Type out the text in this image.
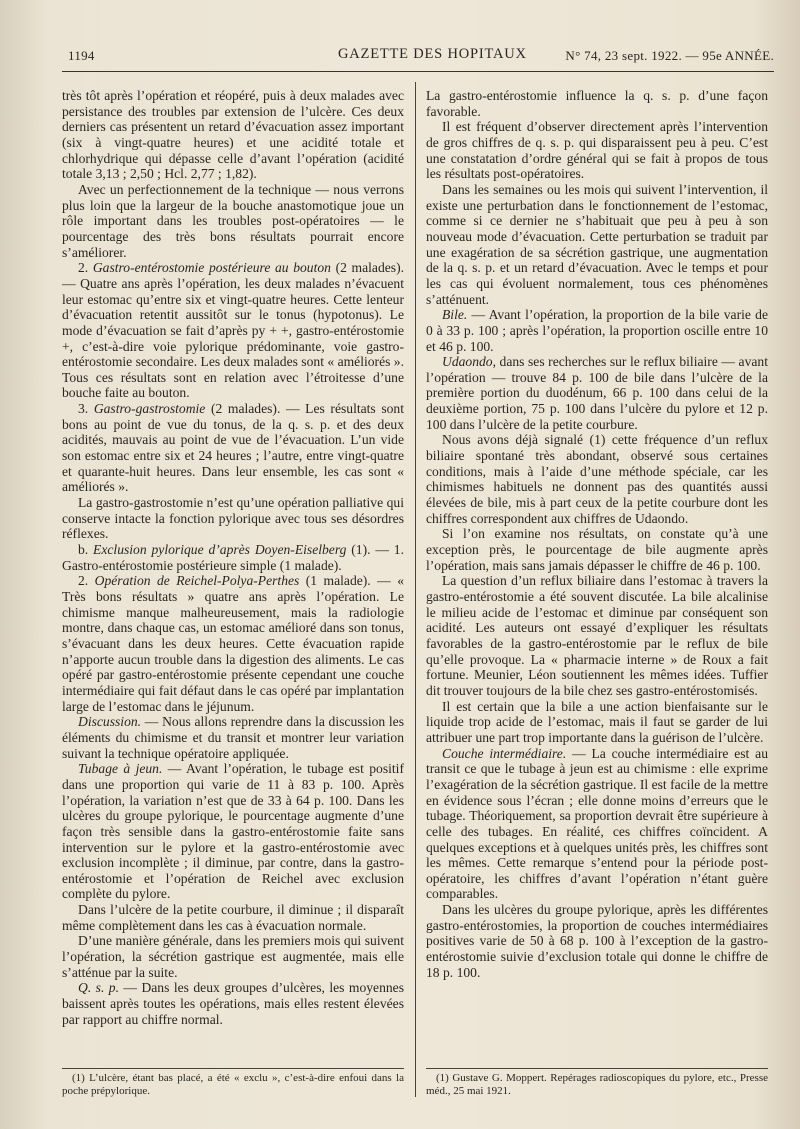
1194	GAZETTE DES HOPITAUX	N° 74, 23 sept. 1922. — 95e ANNÉE.

très tôt après l’opération et réopéré, puis à deux malades avec persistance des troubles par extension de l’ulcère. Ces deux derniers cas présentent un retard d’évacuation assez important (six à vingt-quatre heures) et une acidité totale et chlorhydrique qui dépasse celle d’avant l’opération (acidité totale 3,13 ; 2,50 ; Hcl. 2,77 ; 1,82).

Avec un perfectionnement de la technique — nous verrons plus loin que la largeur de la bouche anastomotique joue un rôle important dans les troubles post-opératoires — le pourcentage des très bons résultats pourrait encore s’améliorer.

2. Gastro-entérostomie postérieure au bouton (2 malades). — Quatre ans après l’opération, les deux malades n’évacuent leur estomac qu’entre six et vingt-quatre heures. Cette lenteur d’évacuation retentit aussitôt sur le tonus (hypotonus). Le mode d’évacuation se fait d’après py + +, gastro-entérostomie +, c’est-à-dire voie pylorique prédominante, voie gastro-entérostomie secondaire. Les deux malades sont « améliorés ». Tous ces résultats sont en relation avec l’étroitesse d’une bouche faite au bouton.

3. Gastro-gastrostomie (2 malades). — Les résultats sont bons au point de vue du tonus, de la q. s. p. et des deux acidités, mauvais au point de vue de l’évacuation. L’un vide son estomac entre six et 24 heures ; l’autre, entre vingt-quatre et quarante-huit heures. Dans leur ensemble, les cas sont « améliorés ».

La gastro-gastrostomie n’est qu’une opération palliative qui conserve intacte la fonction pylorique avec tous ses désordres réflexes.

b. Exclusion pylorique d’après Doyen-Eiselberg (1). — 1. Gastro-entérostomie postérieure simple (1 malade).

2. Opération de Reichel-Polya-Perthes (1 malade). — « Très bons résultats » quatre ans après l’opération. Le chimisme manque malheureusement, mais la radiologie montre, dans chaque cas, un estomac amélioré dans son tonus, s’évacuant dans les deux heures. Cette évacuation rapide n’apporte aucun trouble dans la digestion des aliments. Le cas opéré par gastro-entérostomie présente cependant une couche intermédiaire qui fait défaut dans le cas opéré par implantation large de l’estomac dans le jéjunum.

Discussion. — Nous allons reprendre dans la discussion les éléments du chimisme et du transit et montrer leur variation suivant la technique opératoire appliquée.

Tubage à jeun. — Avant l’opération, le tubage est positif dans une proportion qui varie de 11 à 83 p. 100. Après l’opération, la variation n’est que de 33 à 64 p. 100. Dans les ulcères du groupe pylorique, le pourcentage augmente d’une façon très sensible dans la gastro-entérostomie faite sans intervention sur le pylore et la gastro-entérostomie avec exclusion incomplète ; il diminue, par contre, dans la gastro-entérostomie et l’opération de Reichel avec exclusion complète du pylore.

Dans l’ulcère de la petite courbure, il diminue ; il disparaît même complètement dans les cas à évacuation normale.

D’une manière générale, dans les premiers mois qui suivent l’opération, la sécrétion gastrique est augmentée, mais elle s’atténue par la suite.

Q. s. p. — Dans les deux groupes d’ulcères, les moyennes baissent après toutes les opérations, mais elles restent élevées par rapport au chiffre normal.

La gastro-entérostomie influence la q. s. p. d’une façon favorable.

Il est fréquent d’observer directement après l’intervention de gros chiffres de q. s. p. qui disparaissent peu à peu. C’est une constatation d’ordre général qui se fait à propos de tous les résultats post-opératoires.

Dans les semaines ou les mois qui suivent l’intervention, il existe une perturbation dans le fonctionnement de l’estomac, comme si ce dernier ne s’habituait que peu à peu à son nouveau mode d’évacuation. Cette perturbation se traduit par une exagération de sa sécrétion gastrique, une augmentation de la q. s. p. et un retard d’évacuation. Avec le temps et pour les cas qui évoluent normalement, tous ces phénomènes s’atténuent.

Bile. — Avant l’opération, la proportion de la bile varie de 0 à 33 p. 100 ; après l’opération, la proportion oscille entre 10 et 46 p. 100.

Udaondo, dans ses recherches sur le reflux biliaire — avant l’opération — trouve 84 p. 100 de bile dans l’ulcère de la première portion du duodénum, 66 p. 100 dans celui de la deuxième portion, 75 p. 100 dans l’ulcère du pylore et 12 p. 100 dans l’ulcère de la petite courbure.

Nous avons déjà signalé (1) cette fréquence d’un reflux biliaire spontané très abondant, observé sous certaines conditions, mais à l’aide d’une méthode spéciale, car les chimismes habituels ne donnent pas des quantités aussi élevées de bile, mis à part ceux de la petite courbure dont les chiffres correspondent aux chiffres de Udaondo.

Si l’on examine nos résultats, on constate qu’à une exception près, le pourcentage de bile augmente après l’opération, mais sans jamais dépasser le chiffre de 46 p. 100.

La question d’un reflux biliaire dans l’estomac à travers la gastro-entérostomie a été souvent discutée. La bile alcalinise le milieu acide de l’estomac et diminue par conséquent son acidité. Les auteurs ont essayé d’expliquer les résultats favorables de la gastro-entérostomie par le reflux de bile qu’elle provoque. La « pharmacie interne » de Roux a fait fortune. Meunier, Léon soutiennent les mêmes idées. Tuffier dit trouver toujours de la bile chez ses gastro-entérostomisés.

Il est certain que la bile a une action bienfaisante sur le liquide trop acide de l’estomac, mais il faut se garder de lui attribuer une part trop importante dans la guérison de l’ulcère.

Couche intermédiaire. — La couche intermédiaire est au transit ce que le tubage à jeun est au chimisme : elle exprime l’exagération de la sécrétion gastrique. Il est facile de la mettre en évidence sous l’écran ; elle donne moins d’erreurs que le tubage. Théoriquement, sa proportion devrait être supérieure à celle des tubages. En réalité, ces chiffres coïncident. A quelques exceptions et à quelques unités près, les chiffres sont les mêmes. Cette remarque s’entend pour la période post-opératoire, les chiffres d’avant l’opération n’étant guère comparables.

Dans les ulcères du groupe pylorique, après les différentes gastro-entérostomies, la proportion de couches intermédiaires positives varie de 50 à 68 p. 100 à l’exception de la gastro-entérostomie suivie d’exclusion totale qui donne le chiffre de 18 p. 100.

(1) L’ulcère, étant bas placé, a été « exclu », c’est-à-dire enfoui dans la poche prépylorique.

(1) Gustave G. Moppert. Repérages radioscopiques du pylore, etc., Presse méd., 25 mai 1921.
